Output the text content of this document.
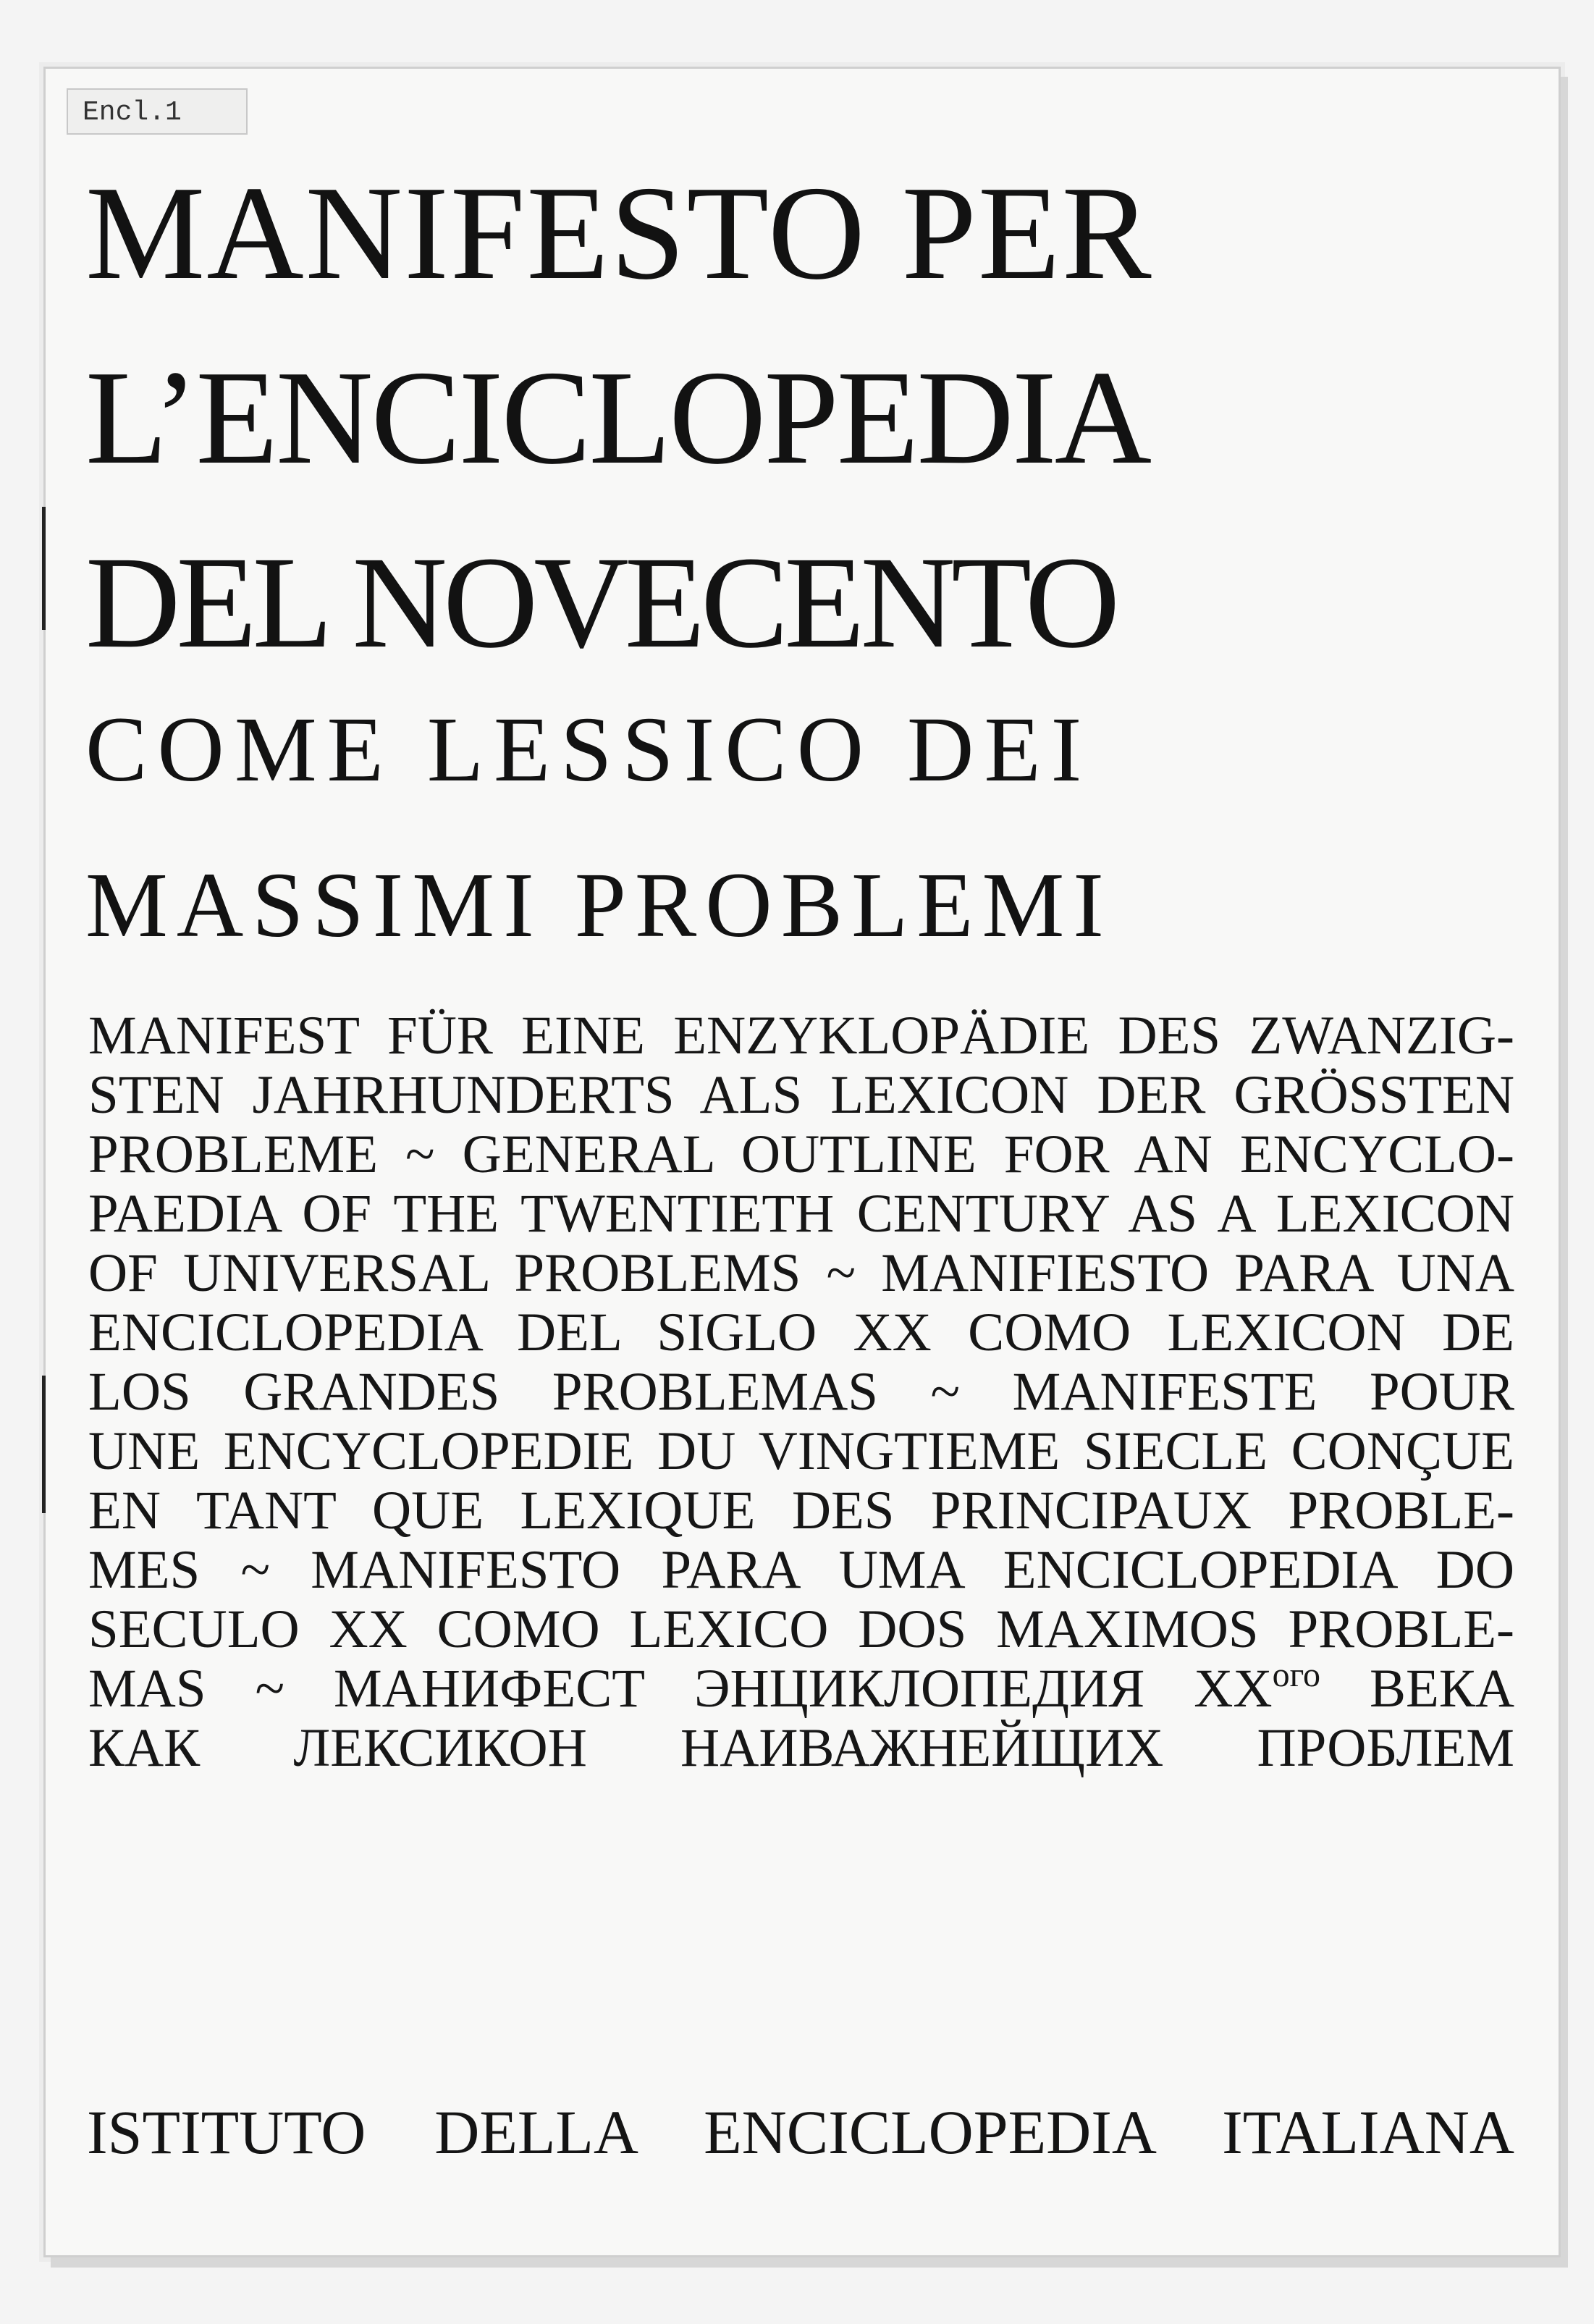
Encl.1
MANIFESTO PER
L’ENCICLOPEDIA
DEL NOVECENTO
COME LESSICO DEI
MASSIMI PROBLEMI
MANIFEST FÜR EINE ENZYKLOPÄDIE DES ZWANZIG-
STEN JAHRHUNDERTS ALS LEXICON DER GRÖSSTEN
PROBLEME ~ GENERAL OUTLINE FOR AN ENCYCLO-
PAEDIA OF THE TWENTIETH CENTURY AS A LEXICON
OF UNIVERSAL PROBLEMS ~ MANIFIESTO PARA UNA
ENCICLOPEDIA DEL SIGLO XX COMO LEXICON DE
LOS GRANDES PROBLEMAS ~ MANIFESTE POUR
UNE ENCYCLOPEDIE DU VINGTIEME SIECLE CONÇUE
EN TANT QUE LEXIQUE DES PRINCIPAUX PROBLE-
MES ~ MANIFESTO PARA UMA ENCICLOPEDIA DO
SECULO XX COMO LEXICO DOS MAXIMOS PROBLE-
MAS ~ МАНИФЕСТ ЭНЦИКЛОПЕДИЯ $XX^{ого}$ ВЕКА
КАК ЛЕКСИКОН НАИВАЖНЕЙЩИХ ПРОБЛЕМ
ISTITUTO DELLA ENCICLOPEDIA ITALIANA
